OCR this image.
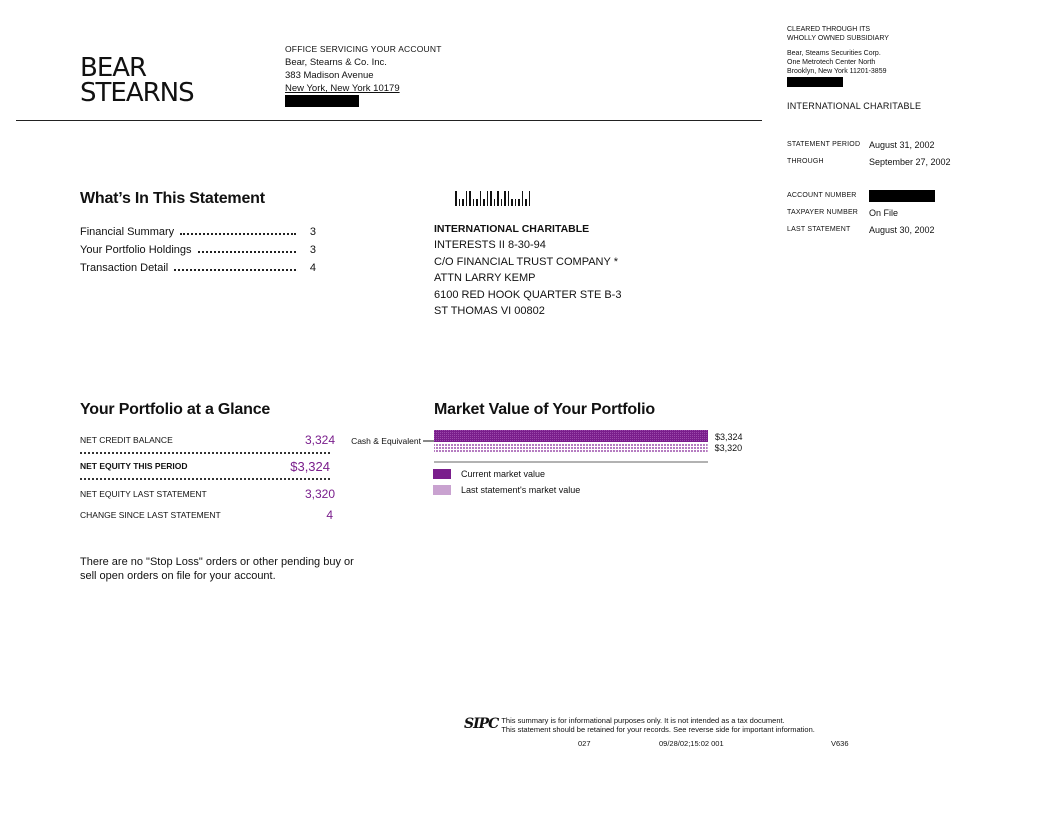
BEAR
STEARNS
OFFICE SERVICING YOUR ACCOUNT
Bear, Stearns & Co. Inc.
383 Madison Avenue
New York, New York 10179
CLEARED THROUGH ITS
WHOLLY OWNED SUBSIDIARY
Bear, Steams Securities Corp.
One Metrotech Center North
Brooklyn, New York 11201-3859
INTERNATIONAL CHARITABLE
STATEMENT PERIOD	August 31, 2002
THROUGH	September 27, 2002

ACCOUNT NUMBER	
TAXPAYER NUMBER	On File
LAST STATEMENT	August 30, 2002
What’s In This Statement
Financial Summary	3
Your Portfolio Holdings	3
Transaction Detail	4
INTERNATIONAL CHARITABLE
INTERESTS II 8-30-94
C/O FINANCIAL TRUST COMPANY *
ATTN LARRY KEMP
6100 RED HOOK QUARTER STE B-3
ST THOMAS VI 00802
Your Portfolio at a Glance
NET CREDIT BALANCE	3,324
NET EQUITY THIS PERIOD	$3,324
NET EQUITY LAST STATEMENT	3,320
CHANGE SINCE LAST STATEMENT	4
There are no "Stop Loss" orders or other pending buy or sell open orders on file for your account.
Market Value of Your Portfolio
Cash & Equivalent	$3,324
$3,320
Current market value
Last statement's market value
SIPC This summary is for informational purposes only. It is not intended as a tax document.
This statement should be retained for your records. See reverse side for important information.
027	09/28/02;15:02 001	V636
